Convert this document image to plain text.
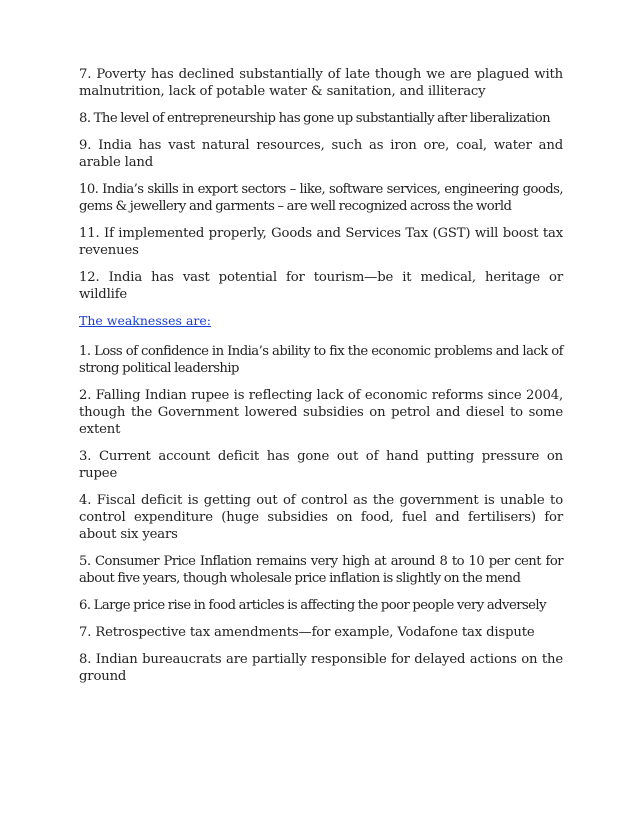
7. Poverty has declined substantially of late though we are plagued with malnutrition, lack of potable water & sanitation, and illiteracy

8. The level of entrepreneurship has gone up substantially after liberalization

9. India has vast natural resources, such as iron ore, coal, water and arable land

10. India’s skills in export sectors – like, software services, engineering goods, gems & jewellery and garments – are well recognized across the world

11. If implemented properly, Goods and Services Tax (GST) will boost tax revenues

12. India has vast potential for tourism—be it medical, heritage or wildlife

The weaknesses are:

1. Loss of confidence in India’s ability to fix the economic problems and lack of strong political leadership

2. Falling Indian rupee is reflecting lack of economic reforms since 2004, though the Government lowered subsidies on petrol and diesel to some extent

3. Current account deficit has gone out of hand putting pressure on rupee

4. Fiscal deficit is getting out of control as the government is unable to control expenditure (huge subsidies on food, fuel and fertilisers) for about six years

5. Consumer Price Inflation remains very high at around 8 to 10 per cent for about five years, though wholesale price inflation is slightly on the mend

6. Large price rise in food articles is affecting the poor people very adversely

7. Retrospective tax amendments—for example, Vodafone tax dispute

8. Indian bureaucrats are partially responsible for delayed actions on the ground
